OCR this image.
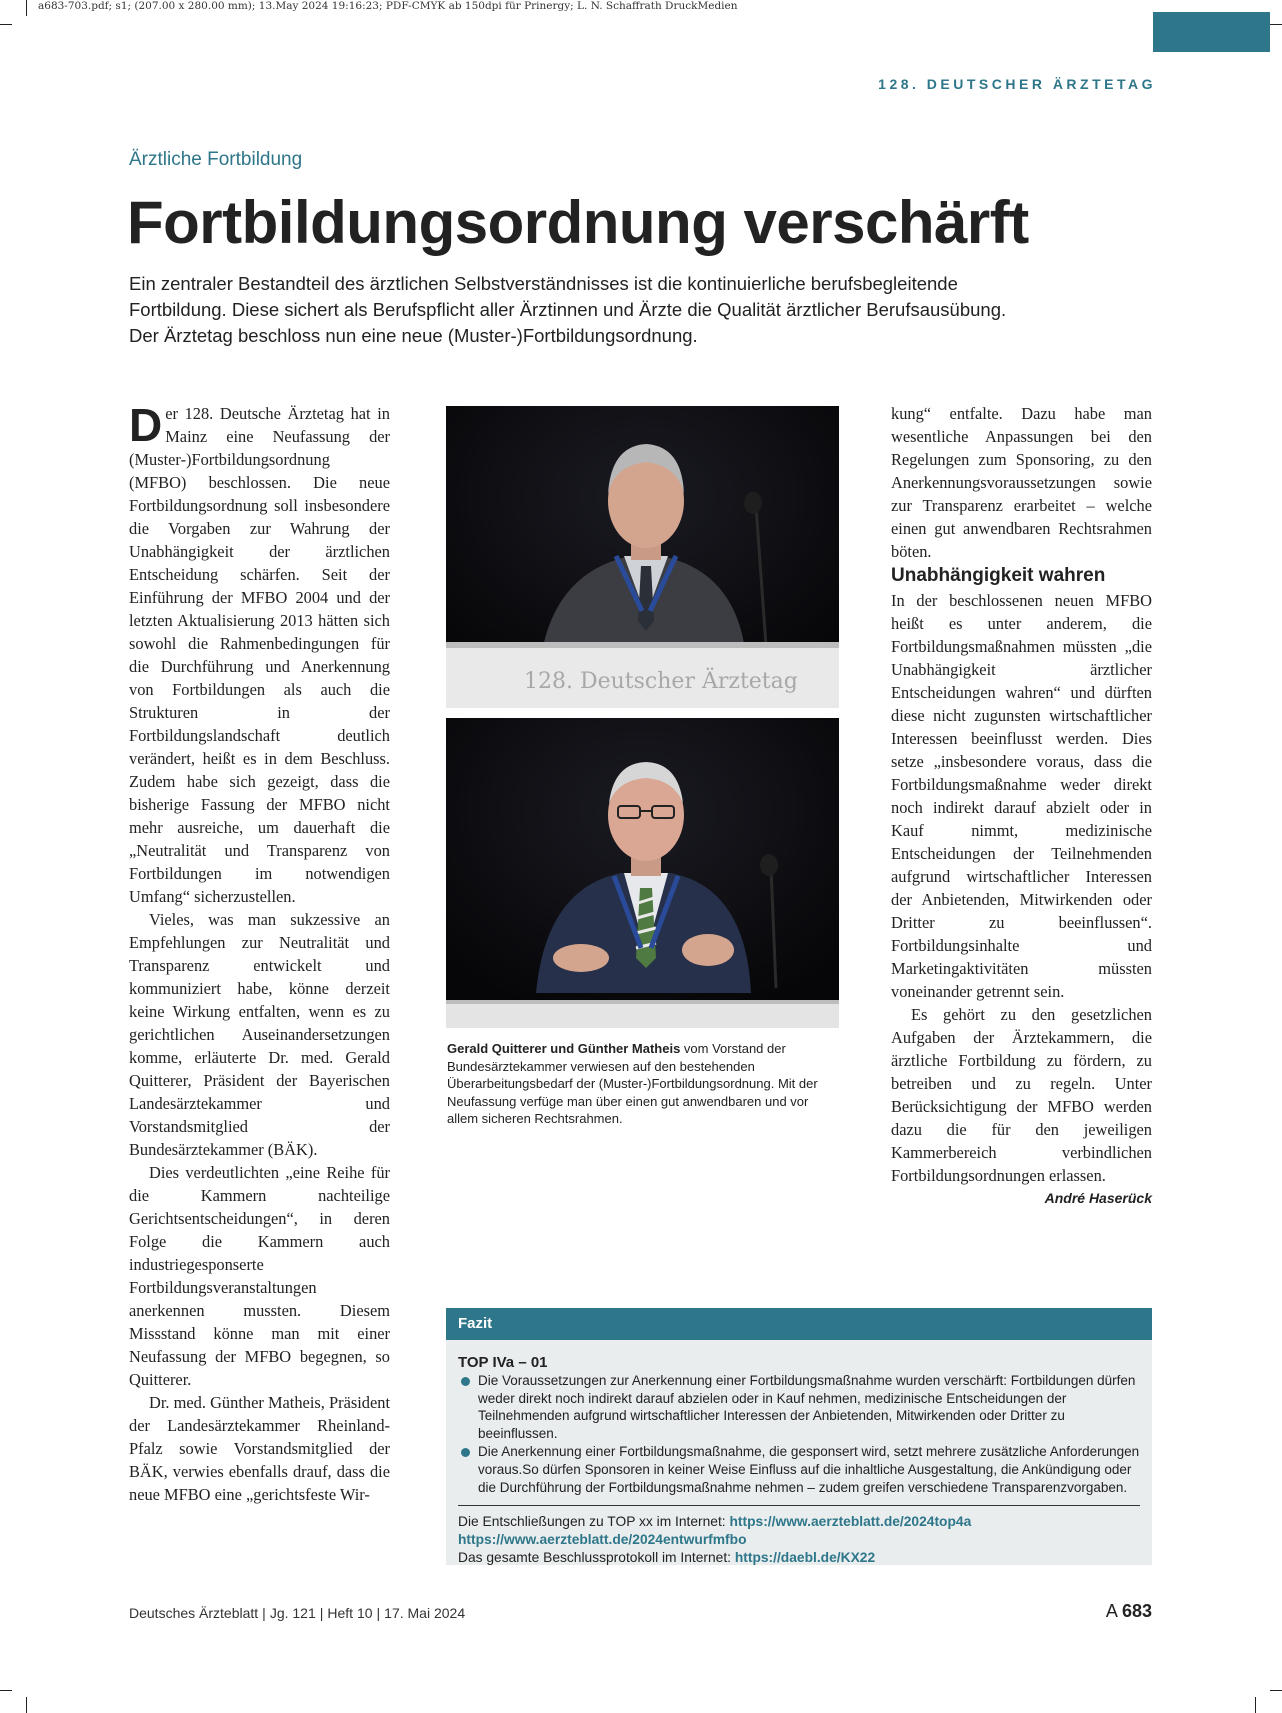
a683-703.pdf; s1; (207.00 x 280.00 mm); 13.May 2024 19:16:23; PDF-CMYK ab 150dpi für Prinergy; L. N. Schaffrath DruckMedien
128. DEUTSCHER ÄRZTETAG
Ärztliche Fortbildung
Fortbildungsordnung verschärft

Ein zentraler Bestandteil des ärztlichen Selbstverständnisses ist die kontinuierliche berufsbegleitende

Fortbildung. Diese sichert als Berufspflicht aller Ärztinnen und Ärzte die Qualität ärztlicher Berufsausübung.

Der Ärztetag beschloss nun eine neue (Muster-)Fortbildungsordnung.

Der 128. Deutsche Ärztetag hat in Mainz eine Neufassung der (Muster-)Fortbildungsordnung (MFBO) beschlossen. Die neue Fortbildungsordnung soll insbesondere die Vorgaben zur Wahrung der Unabhängigkeit der ärztlichen Entscheidung schärfen. Seit der Einführung der MFBO 2004 und der letzten Aktualisierung 2013 hätten sich sowohl die Rahmenbedingungen für die Durchführung und Anerkennung von Fortbildungen als auch die Strukturen in der Fortbildungslandschaft deutlich verändert, heißt es in dem Beschluss. Zudem habe sich gezeigt, dass die bisherige Fassung der MFBO nicht mehr ausreiche, um dauerhaft die „Neutralität und Transparenz von Fortbildungen im notwendigen Umfang“ sicherzustellen.

Vieles, was man sukzessive an Empfehlungen zur Neutralität und Transparenz entwickelt und kommuniziert habe, könne derzeit keine Wirkung entfalten, wenn es zu gerichtlichen Auseinandersetzungen komme, erläuterte Dr. med. Gerald Quitterer, Präsident der Bayerischen Landesärztekammer und Vorstandsmitglied der Bundesärztekammer (BÄK).

Dies verdeutlichten „eine Reihe für die Kammern nachteilige Gerichtsentscheidungen“, in deren Folge die Kammern auch industriegesponserte Fortbildungsveranstaltungen anerkennen mussten. Diesem Missstand könne man mit einer Neufassung der MFBO begegnen, so Quitterer.

Dr. med. Günther Matheis, Präsident der Landesärztekammer Rheinland-Pfalz sowie Vorstandsmitglied der BÄK, verwies ebenfalls drauf, dass die neue MFBO eine „gerichtsfeste Wir-

128. Deutscher Ärztetag
Gerald Quitterer und Günther Matheis vom Vorstand der Bundesärztekammer verwiesen auf den bestehenden Überarbeitungsbedarf der (Muster-)Fortbildungsordnung. Mit der Neufassung verfüge man über einen gut anwendbaren und vor allem sicheren Rechtsrahmen.

kung“ entfalte. Dazu habe man wesentliche Anpassungen bei den Regelungen zum Sponsoring, zu den Anerkennungsvoraussetzungen sowie zur Transparenz erarbeitet – welche einen gut anwendbaren Rechtsrahmen böten.

Unabhängigkeit wahren

In der beschlossenen neuen MFBO heißt es unter anderem, die Fortbildungsmaßnahmen müssten „die Unabhängigkeit ärztlicher Entscheidungen wahren“ und dürften diese nicht zugunsten wirtschaftlicher Interessen beeinflusst werden. Dies setze „insbesondere voraus, dass die Fortbildungsmaßnahme weder direkt noch indirekt darauf abzielt oder in Kauf nimmt, medizinische Entscheidungen der Teilnehmenden aufgrund wirtschaftlicher Interessen der Anbietenden, Mitwirkenden oder Dritter zu beeinflussen“. Fortbildungsinhalte und Marketingaktivitäten müssten voneinander getrennt sein.

Es gehört zu den gesetzlichen Aufgaben der Ärztekammern, die ärztliche Fortbildung zu fördern, zu betreiben und zu regeln. Unter Berücksichtigung der MFBO werden dazu die für den jeweiligen Kammerbereich verbindlichen Fortbildungsordnungen erlassen.
André Haserück

Fazit
TOP IVa – 01
Die Voraussetzungen zur Anerkennung einer Fortbildungsmaßnahme wurden verschärft: Fortbildungen dürfen weder direkt noch indirekt darauf abzielen oder in Kauf nehmen, medizinische Entscheidungen der Teilnehmenden aufgrund wirtschaftlicher Interessen der Anbietenden, Mitwirkenden oder Dritter zu beeinflussen.
Die Anerkennung einer Fortbildungsmaßnahme, die gesponsert wird, setzt mehrere zusätzliche Anforderungen voraus.So dürfen Sponsoren in keiner Weise Einfluss auf die inhaltliche Ausgestaltung, die Ankündigung oder die Durchführung der Fortbildungsmaßnahme nehmen – zudem greifen verschiedene Transparenzvorgaben.
Die Entschließungen zu TOP xx im Internet: https://www.aerzteblatt.de/2024top4a
https://www.aerzteblatt.de/2024entwurfmfbo
Das gesamte Beschlussprotokoll im Internet: https://daebl.de/KX22
Deutsches Ärzteblatt | Jg. 121 | Heft 10 | 17. Mai 2024	A 683
